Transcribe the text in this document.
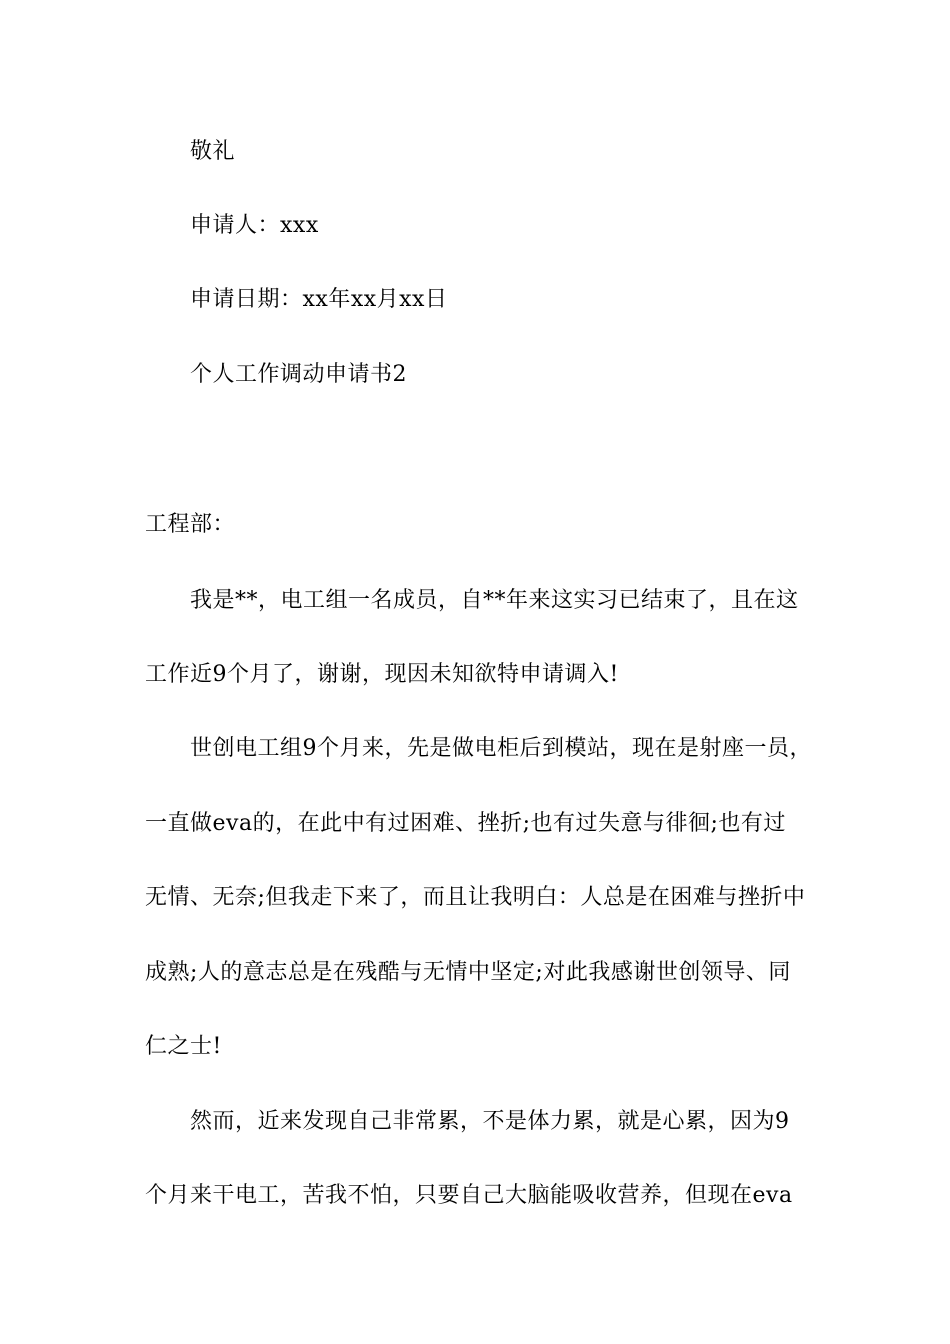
敬礼
申请人：xxx
申请日期：xx年xx月xx日
个人工作调动申请书2
工程部：
我是**，电工组一名成员，自**年来这实习已结束了，且在这
工作近9个月了，谢谢，现因未知欲特申请调入!
世创电工组9个月来，先是做电柜后到模站，现在是射座一员，
一直做eva的，在此中有过困难、挫折;也有过失意与徘徊;也有过
无情、无奈;但我走下来了，而且让我明白：人总是在困难与挫折中
成熟;人的意志总是在残酷与无情中坚定;对此我感谢世创领导、同
仁之士!
然而，近来发现自己非常累，不是体力累，就是心累，因为9
个月来干电工，苦我不怕，只要自己大脑能吸收营养，但现在eva
